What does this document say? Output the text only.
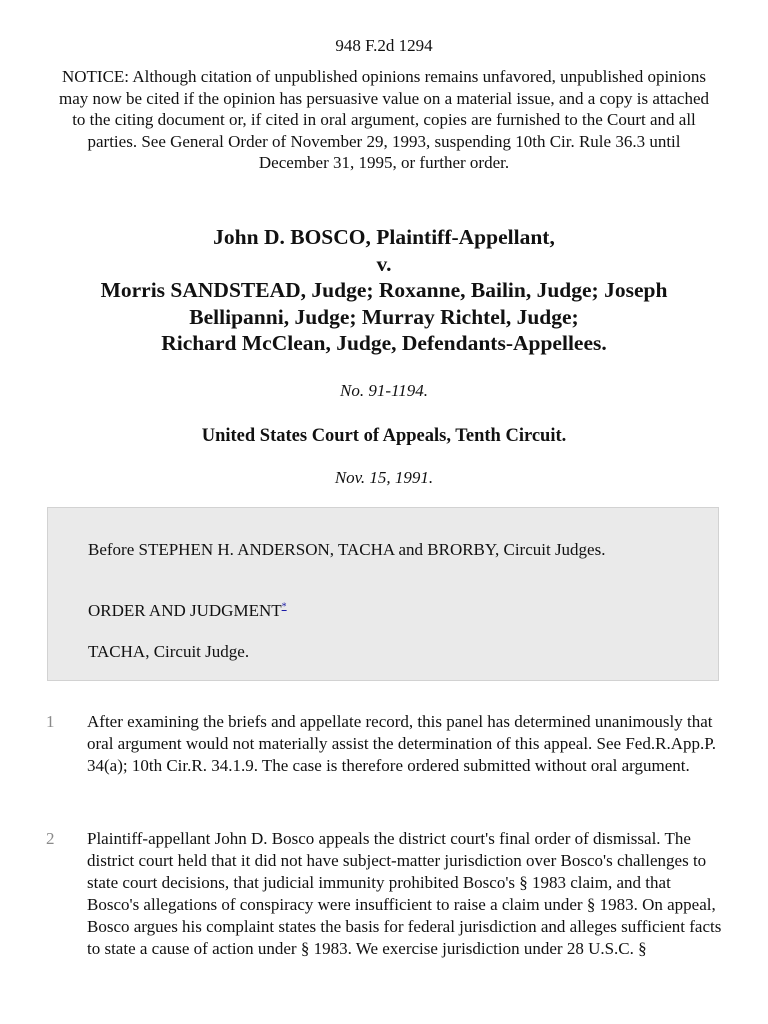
948 F.2d 1294
NOTICE: Although citation of unpublished opinions remains unfavored, unpublished opinions may now be cited if the opinion has persuasive value on a material issue, and a copy is attached to the citing document or, if cited in oral argument, copies are furnished to the Court and all parties. See General Order of November 29, 1993, suspending 10th Cir. Rule 36.3 until December 31, 1995, or further order.
John D. BOSCO, Plaintiff-Appellant,
v.
Morris SANDSTEAD, Judge; Roxanne, Bailin, Judge; Joseph
Bellipanni, Judge; Murray Richtel, Judge;
Richard McClean, Judge, Defendants-Appellees.
No. 91-1194.
United States Court of Appeals, Tenth Circuit.
Nov. 15, 1991.
Before STEPHEN H. ANDERSON, TACHA and BRORBY, Circuit Judges.
ORDER AND JUDGMENT*
TACHA, Circuit Judge.
1	After examining the briefs and appellate record, this panel has determined unanimously that oral argument would not materially assist the determination of this appeal. See Fed.R.App.P. 34(a); 10th Cir.R. 34.1.9. The case is therefore ordered submitted without oral argument.
2	Plaintiff-appellant John D. Bosco appeals the district court's final order of dismissal. The district court held that it did not have subject-matter jurisdiction over Bosco's challenges to state court decisions, that judicial immunity prohibited Bosco's § 1983 claim, and that Bosco's allegations of conspiracy were insufficient to raise a claim under § 1983. On appeal, Bosco argues his complaint states the basis for federal jurisdiction and alleges sufficient facts to state a cause of action under § 1983. We exercise jurisdiction under 28 U.S.C. §
